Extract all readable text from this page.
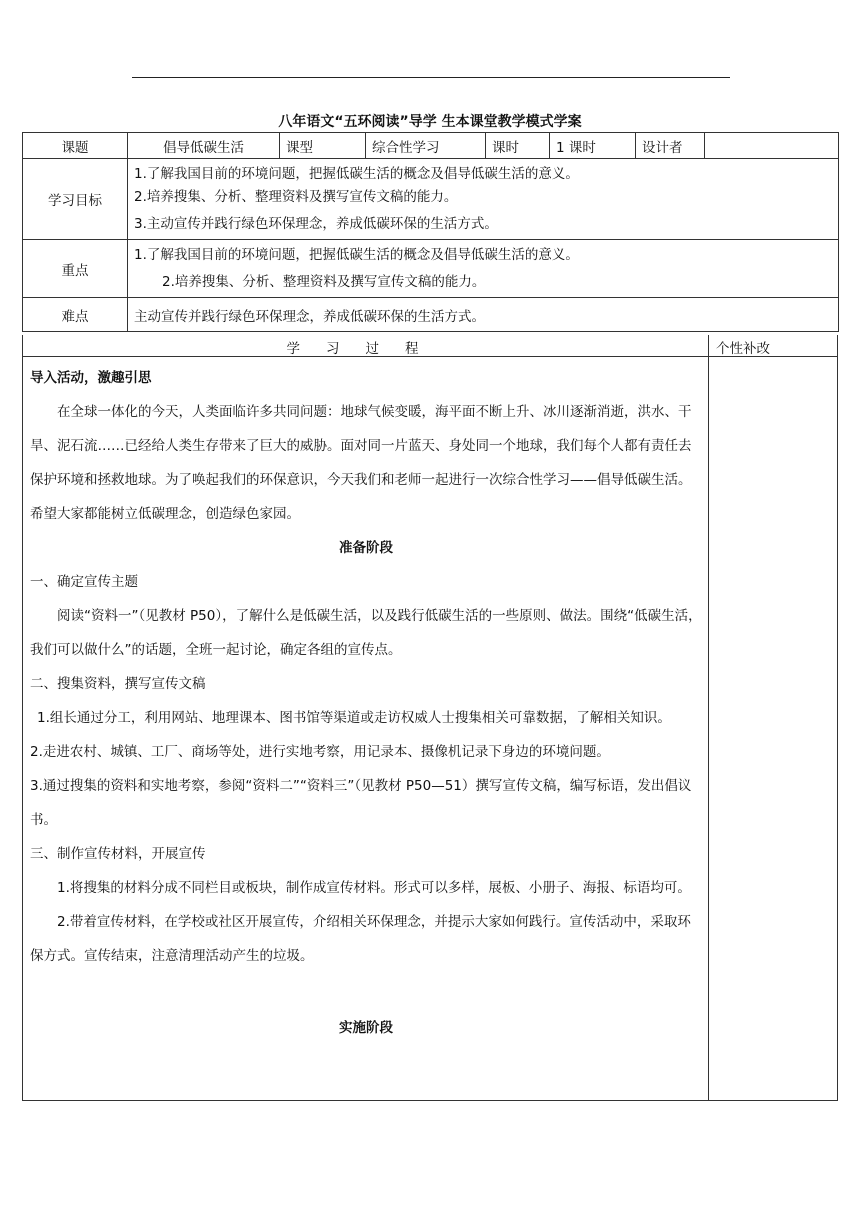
八年语文“五环阅读”导学 生本课堂教学模式学案
课题	倡导低碳生活	课型	综合性学习	课时	1 课时	设计者	
学习目标	1.了解我国目前的环境问题，把握低碳生活的概念及倡导低碳生活的意义。
2.培养搜集、分析、整理资料及撰写宣传文稿的能力。
3.主动宣传并践行绿色环保理念，养成低碳环保的生活方式。						

重点	1.了解我国目前的环境问题，把握低碳生活的概念及倡导低碳生活的意义。
2.培养搜集、分析、整理资料及撰写宣传文稿的能力。						

难点	主动宣传并践行绿色环保理念，养成低碳环保的生活方式。						
学习过程	个性补改

导入活动，激趣引思

在全球一体化的今天，人类面临许多共同问题：地球气候变暖，海平面不断上升、冰川逐渐消逝，洪水、干旱、泥石流……已经给人类生存带来了巨大的威胁。面对同一片蓝天、身处同一个地球，我们每个人都有责任去保护环境和拯救地球。为了唤起我们的环保意识，今天我们和老师一起进行一次综合性学习——倡导低碳生活。希望大家都能树立低碳理念，创造绿色家园。

准备阶段

一、确定宣传主题

阅读“资料一”（见教材 P50），了解什么是低碳生活，以及践行低碳生活的一些原则、做法。围绕“低碳生活，我们可以做什么”的话题，全班一起讨论，确定各组的宣传点。

二、搜集资料，撰写宣传文稿

1.组长通过分工，利用网站、地理课本、图书馆等渠道或走访权威人士搜集相关可靠数据，了解相关知识。

2.走进农村、城镇、工厂、商场等处，进行实地考察，用记录本、摄像机记录下身边的环境问题。

3.通过搜集的资料和实地考察，参阅“资料二”“资料三”（见教材 P50—51）撰写宣传文稿，编写标语，发出倡议书。

三、制作宣传材料，开展宣传

1.将搜集的材料分成不同栏目或板块，制作成宣传材料。形式可以多样，展板、小册子、海报、标语均可。

2.带着宣传材料，在学校或社区开展宣传，介绍相关环保理念，并提示大家如何践行。宣传活动中，采取环保方式。宣传结束，注意清理活动产生的垃圾。

实施阶段
